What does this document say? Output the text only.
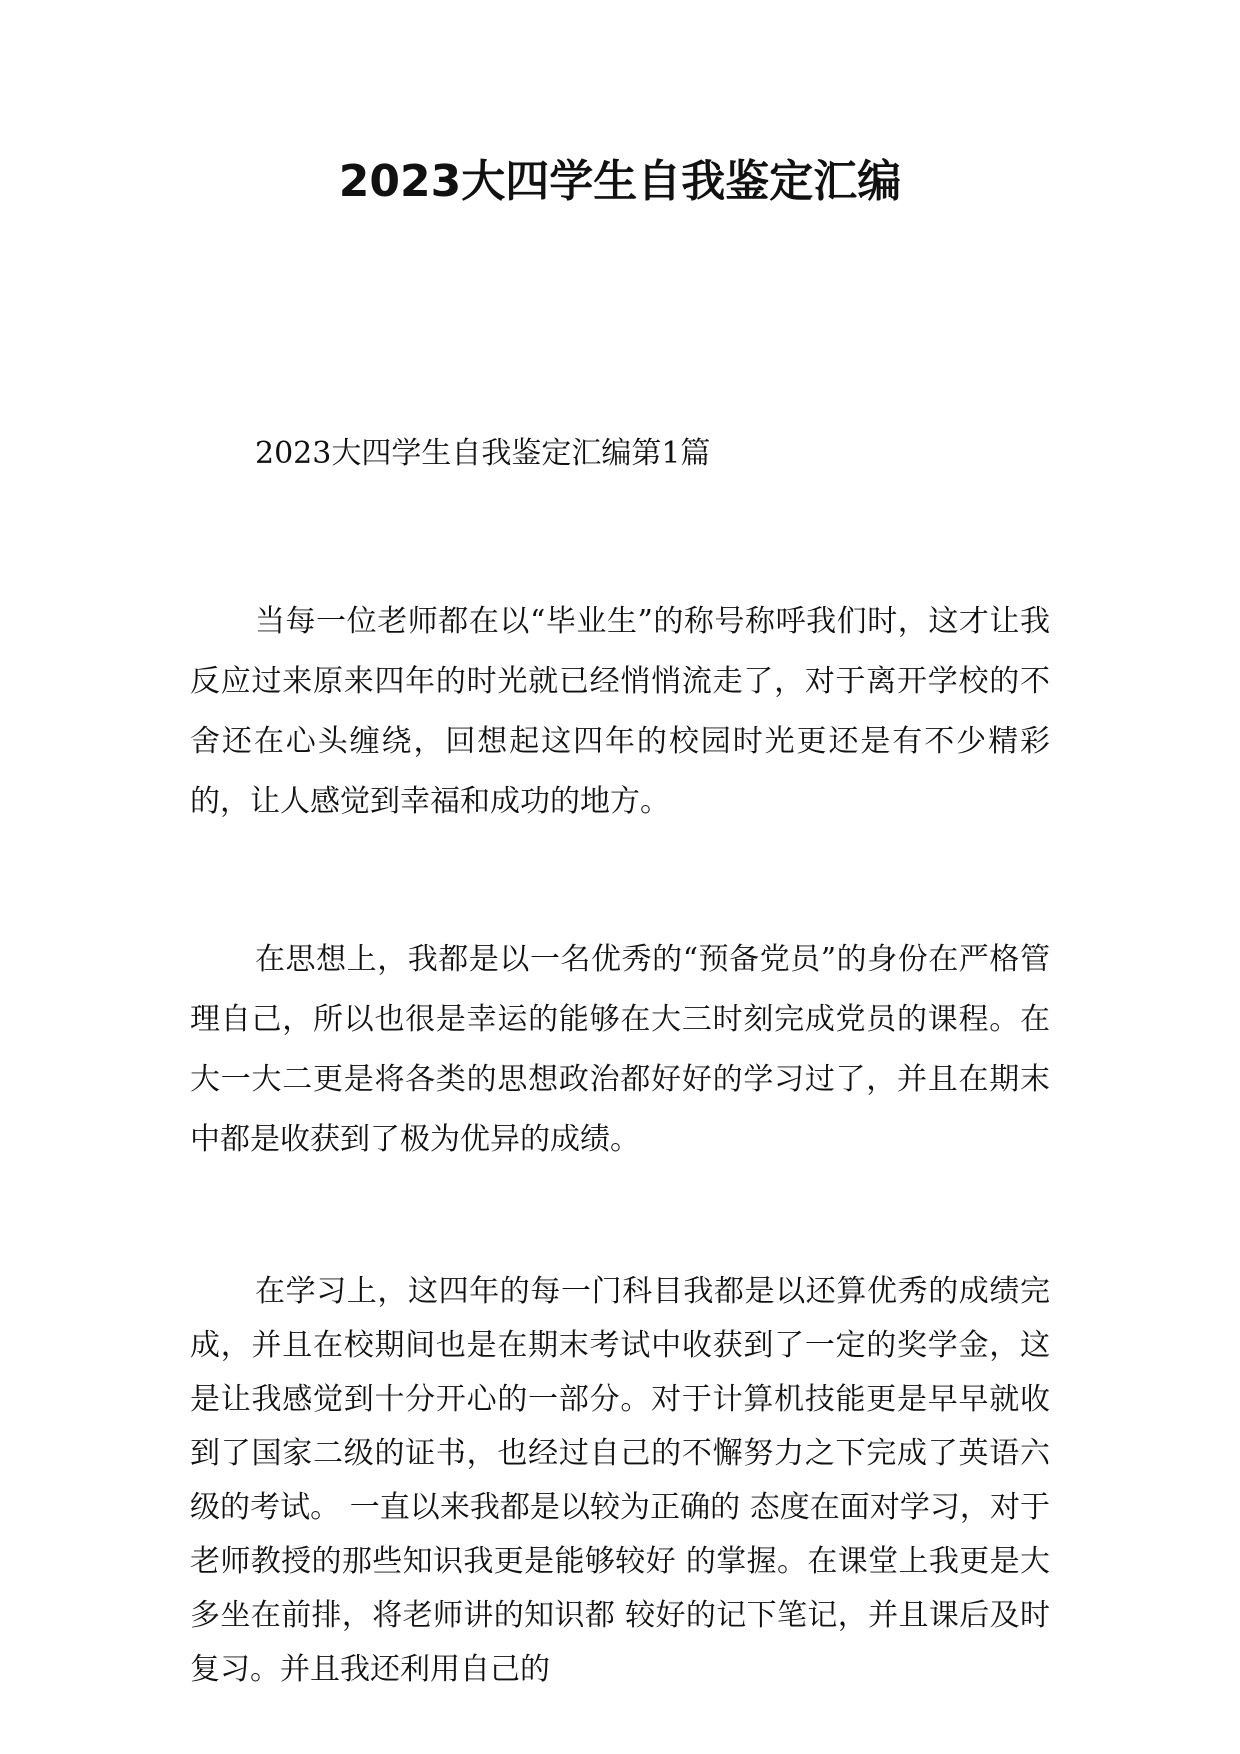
2023大四学生自我鉴定汇编

2023大四学生自我鉴定汇编第1篇

当每一位老师都在以“毕业生”的称号称呼我们时，这才让我反应过来原来四年的时光就已经悄悄流走了，对于离开学校的不舍还在心头缠绕，回想起这四年的校园时光更还是有不少精彩的，让人感觉到幸福和成功的地方。

在思想上，我都是以一名优秀的“预备党员”的身份在严格管理自己，所以也很是幸运的能够在大三时刻完成党员的课程。在大一大二更是将各类的思想政治都好好的学习过了，并且在期末中都是收获到了极为优异的成绩。

在学习上，这四年的每一门科目我都是以还算优秀的成绩完成，并且在校期间也是在期末考试中收获到了一定的奖学金，这是让我感觉到十分开心的一部分。对于计算机技能更是早早就收到了国家二级的证书，也经过自己的不懈努力之下完成了英语六级的考试。 一直以来我都是以较为正确的 态度在面对学习，对于老师教授的那些知识我更是能够较好 的掌握。在课堂上我更是大多坐在前排，将老师讲的知识都 较好的记下笔记，并且课后及时复习。并且我还利用自己的
